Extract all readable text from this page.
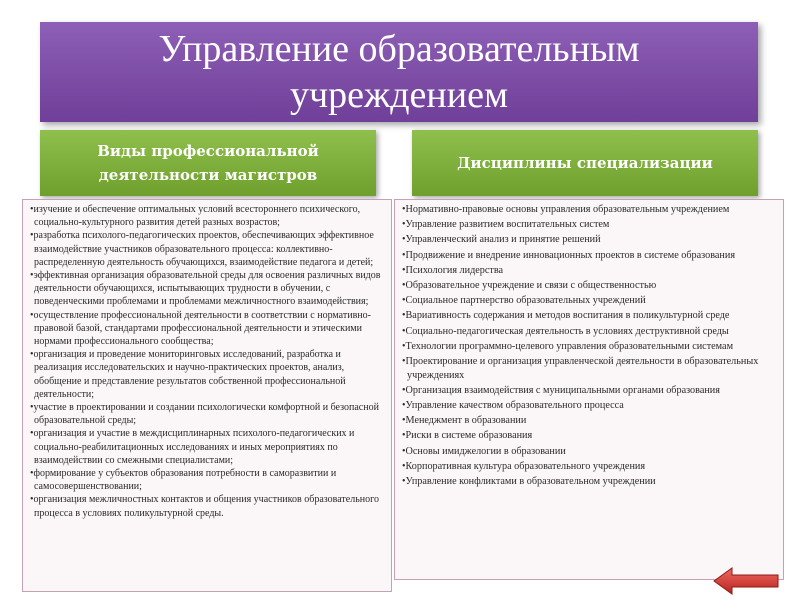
Управление образовательным учреждением
Виды профессиональной деятельности магистров
Дисциплины специализации
•изучение и обеспечение оптимальных условий всестороннего психического, социально-культурного развития детей разных возрастов;
•разработка психолого-педагогических проектов, обеспечивающих эффективное взаимодействие участников образовательного процесса: коллективно-распределенную деятельность обучающихся, взаимодействие педагога и детей;
•эффективная организация образовательной среды для освоения различных видов деятельности обучающихся, испытывающих трудности в обучении, с поведенческими проблемами и проблемами межличностного взаимодействия;
•осуществление профессиональной деятельности в соответствии с нормативно-правовой базой, стандартами профессиональной деятельности и этическими нормами профессионального сообщества;
•организация и проведение мониторинговых исследований, разработка и реализация исследовательских и научно-практических проектов, анализ, обобщение и представление результатов собственной профессиональной деятельности;
•участие в проектировании и создании психологически комфортной и безопасной образовательной среды;
•организация и участие в междисциплинарных психолого-педагогических и социально-реабилитационных исследованиях и иных мероприятиях по взаимодействии со смежными специалистами;
•формирование у субъектов образования потребности в саморазвитии и самосовершенствовании;
•организация межличностных контактов и общения участников образовательного процесса в условиях поликультурной среды.
•Нормативно-правовые основы управления образовательным учреждением
•Управление развитием воспитательных систем
•Управленческий анализ и принятие решений
•Продвижение и внедрение инновационных проектов в системе образования
•Психология лидерства
•Образовательное учреждение и связи с общественностью
•Социальное партнерство образовательных учреждений
•Вариативность содержания и методов воспитания в поликультурной среде
•Социально-педагогическая деятельность в условиях деструктивной среды
•Технологии программно-целевого управления образовательными системам
•Проектирование и организация управленческой деятельности в образовательных учреждениях
•Организация взаимодействия с муниципальными органами образования
•Управление качеством образовательного процесса
•Менеджмент в образовании
•Риски в системе образования
•Основы имиджелогии в образовании
•Корпоративная культура образовательного учреждения
•Управление конфликтами в образовательном учреждении
